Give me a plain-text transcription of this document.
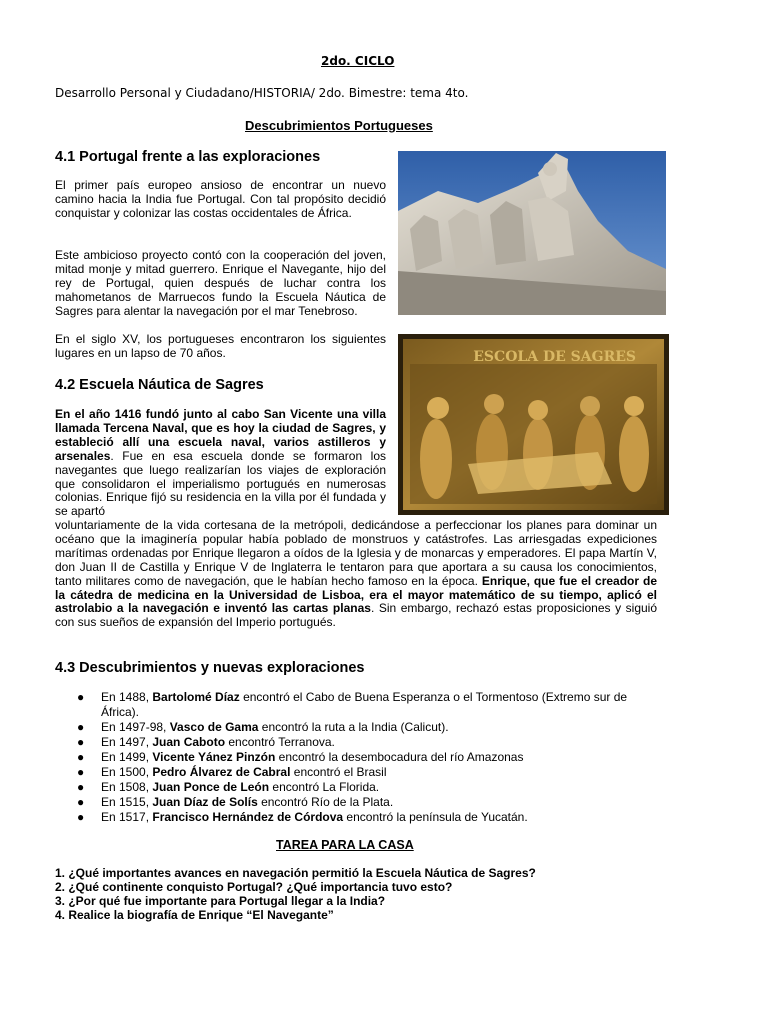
2do. CICLO
Desarrollo Personal y Ciudadano/HISTORIA/ 2do. Bimestre: tema 4to.
Descubrimientos Portugueses
4.1 Portugal frente a las exploraciones
El primer país europeo ansioso de encontrar un nuevo camino hacia la India fue Portugal. Con tal propósito decidió conquistar y colonizar las costas occidentales de África.
Este ambicioso proyecto contó con la cooperación del joven, mitad monje y mitad guerrero. Enrique el Navegante, hijo del rey de Portugal, quien después de luchar contra los mahometanos de Marruecos fundo la Escuela Náutica de Sagres para alentar la navegación por el mar Tenebroso.
En el siglo XV, los portugueses encontraron los siguientes lugares en un lapso de 70 años.
4.2 Escuela Náutica de Sagres
En el año 1416 fundó junto al cabo San Vicente una villa llamada Tercena Naval, que es hoy la ciudad de Sagres, y estableció allí una escuela naval, varios astilleros y arsenales. Fue en esa escuela donde se formaron los navegantes que luego realizarían los viajes de exploración que consolidaron el imperialismo portugués en numerosas colonias. Enrique fijó su residencia en la villa por él fundada y se apartó
ESCOLA DE SAGRES
voluntariamente de la vida cortesana de la metrópoli, dedicándose a perfeccionar los planes para dominar un océano que la imaginería popular había poblado de monstruos y catástrofes. Las arriesgadas expediciones marítimas ordenadas por Enrique llegaron a oídos de la Iglesia y de monarcas y emperadores. El papa Martín V, don Juan II de Castilla y Enrique V de Inglaterra le tentaron para que aportara a su causa los conocimientos, tanto militares como de navegación, que le habían hecho famoso en la época. Enrique, que fue el creador de la cátedra de medicina en la Universidad de Lisboa, era el mayor matemático de su tiempo, aplicó el astrolabio a la navegación e inventó las cartas planas. Sin embargo, rechazó estas proposiciones y siguió con sus sueños de expansión del Imperio portugués.
4.3 Descubrimientos y nuevas exploraciones
● En 1488, Bartolomé Díaz encontró el Cabo de Buena Esperanza o el Tormentoso (Extremo sur de África).
● En 1497-98, Vasco de Gama encontró la ruta a la India (Calicut).
● En 1497, Juan Caboto encontró Terranova.
● En 1499, Vicente Yánez Pinzón encontró la desembocadura del río Amazonas
● En 1500, Pedro Álvarez de Cabral encontró el Brasil
● En 1508, Juan Ponce de León encontró La Florida.
● En 1515, Juan Díaz de Solís encontró Río de la Plata.
● En 1517, Francisco Hernández de Córdova encontró la península de Yucatán.
TAREA PARA LA CASA
1. ¿Qué importantes avances en navegación permitió la Escuela Náutica de Sagres?
2. ¿Qué continente conquisto Portugal? ¿Qué importancia tuvo esto?
3. ¿Por qué fue importante para Portugal llegar a la India?
4. Realice la biografía de Enrique “El Navegante”
